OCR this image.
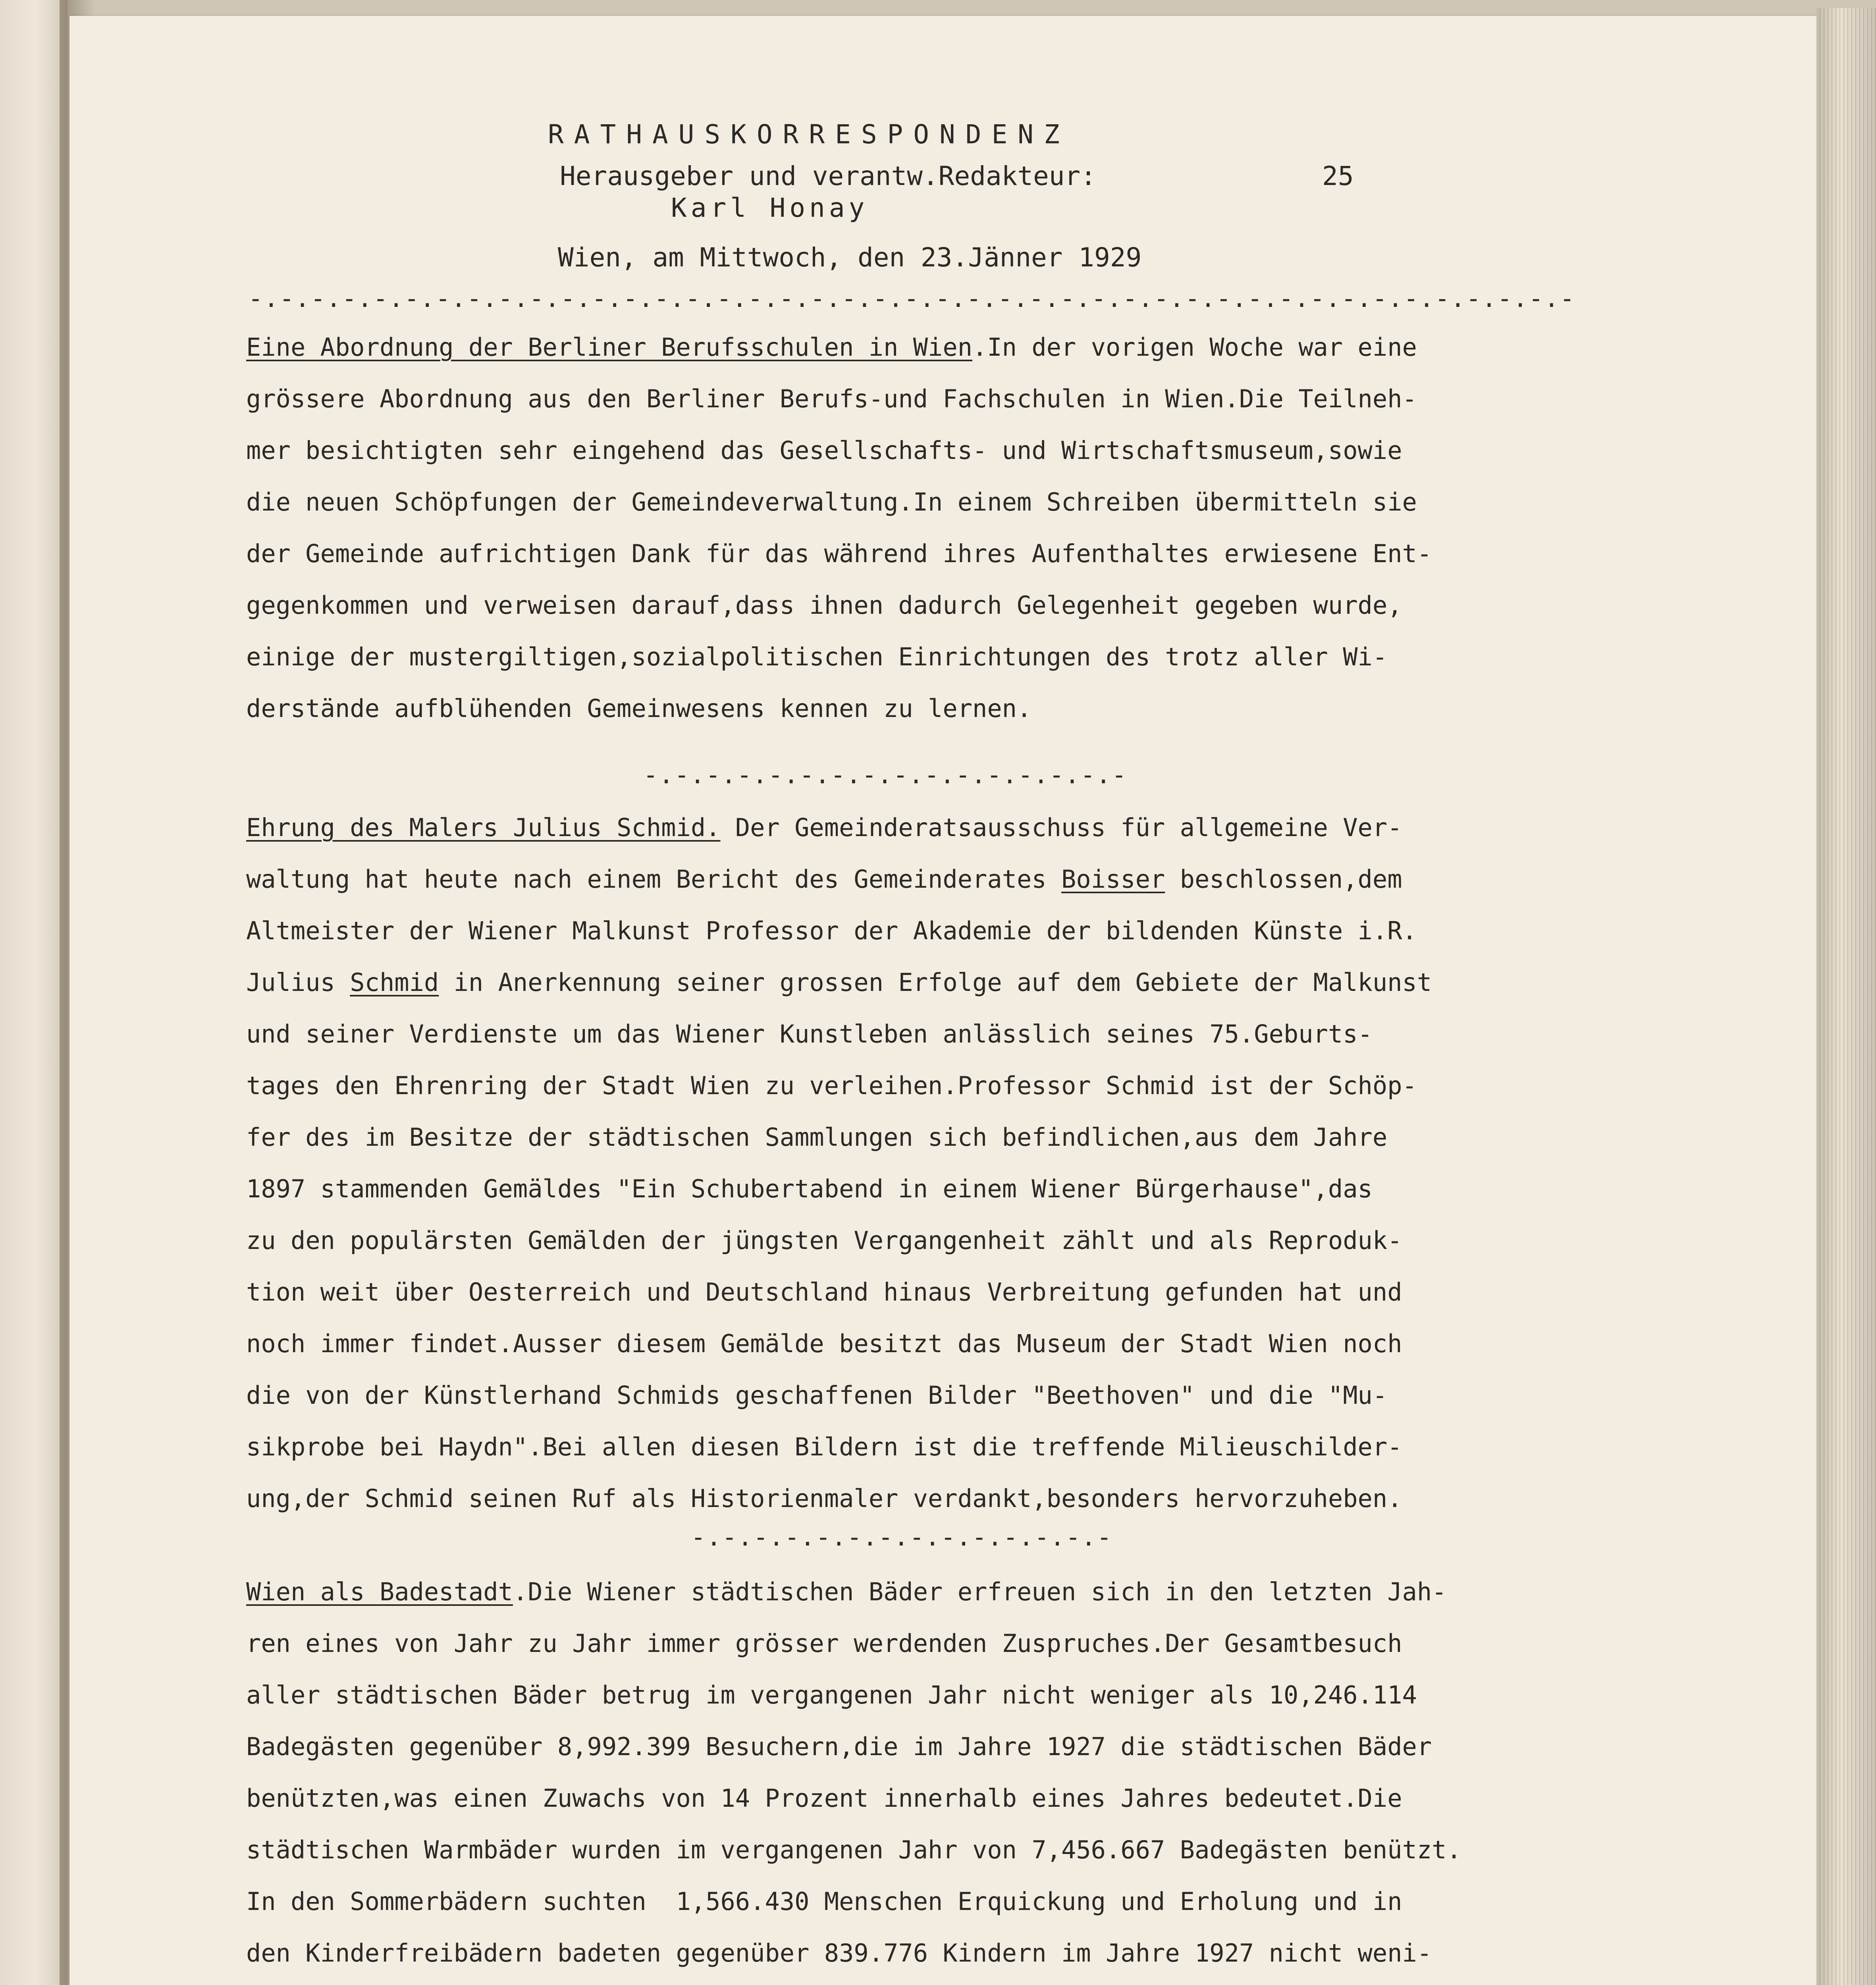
RATHAUSKORRESPONDENZ
Herausgeber und verantw.Redakteur:	25
Karl Honay
Wien, am Mittwoch, den 23.Jänner 1929
-.-.-.-.-.-.-.-.-.-.-.-.-.-.-.-.-.-.-.-.-.-.-.-.-.-.-.-.-.-.-.-.-.-.-.-.-.-.-.-.-.-.-
Eine Abordnung der Berliner Berufsschulen in Wien.In der vorigen Woche war eine
grössere Abordnung aus den Berliner Berufs-und Fachschulen in Wien.Die Teilneh-
mer besichtigten sehr eingehend das Gesellschafts- und Wirtschaftsmuseum,sowie
die neuen Schöpfungen der Gemeindeverwaltung.In einem Schreiben übermitteln sie
der Gemeinde aufrichtigen Dank für das während ihres Aufenthaltes erwiesene Ent-
gegenkommen und verweisen darauf,dass ihnen dadurch Gelegenheit gegeben wurde,
einige der mustergiltigen,sozialpolitischen Einrichtungen des trotz aller Wi-
derstände aufblühenden Gemeinwesens kennen zu lernen.
-.-.-.-.-.-.-.-.-.-.-.-.-.-.-.-
Ehrung des Malers Julius Schmid. Der Gemeinderatsausschuss für allgemeine Ver-
waltung hat heute nach einem Bericht des Gemeinderates Boisser beschlossen,dem
Altmeister der Wiener Malkunst Professor der Akademie der bildenden Künste i.R.
Julius Schmid in Anerkennung seiner grossen Erfolge auf dem Gebiete der Malkunst
und seiner Verdienste um das Wiener Kunstleben anlässlich seines 75.Geburts-
tages den Ehrenring der Stadt Wien zu verleihen.Professor Schmid ist der Schöp-
fer des im Besitze der städtischen Sammlungen sich befindlichen,aus dem Jahre
1897 stammenden Gemäldes "Ein Schubertabend in einem Wiener Bürgerhause",das
zu den populärsten Gemälden der jüngsten Vergangenheit zählt und als Reproduk-
tion weit über Oesterreich und Deutschland hinaus Verbreitung gefunden hat und
noch immer findet.Ausser diesem Gemälde besitzt das Museum der Stadt Wien noch
die von der Künstlerhand Schmids geschaffenen Bilder "Beethoven" und die "Mu-
sikprobe bei Haydn".Bei allen diesen Bildern ist die treffende Milieuschilder-
ung,der Schmid seinen Ruf als Historienmaler verdankt,besonders hervorzuheben.
-.-.-.-.-.-.-.-.-.-.-.-.-.-
Wien als Badestadt.Die Wiener städtischen Bäder erfreuen sich in den letzten Jah-
ren eines von Jahr zu Jahr immer grösser werdenden Zuspruches.Der Gesamtbesuch
aller städtischen Bäder betrug im vergangenen Jahr nicht weniger als 10,246.114
Badegästen gegenüber 8,992.399 Besuchern,die im Jahre 1927 die städtischen Bäder
benützten,was einen Zuwachs von 14 Prozent innerhalb eines Jahres bedeutet.Die
städtischen Warmbäder wurden im vergangenen Jahr von 7,456.667 Badegästen benützt.
In den Sommerbädern suchten  1,566.430 Menschen Erquickung und Erholung und in
den Kinderfreibädern badeten gegenüber 839.776 Kindern im Jahre 1927 nicht weni-
